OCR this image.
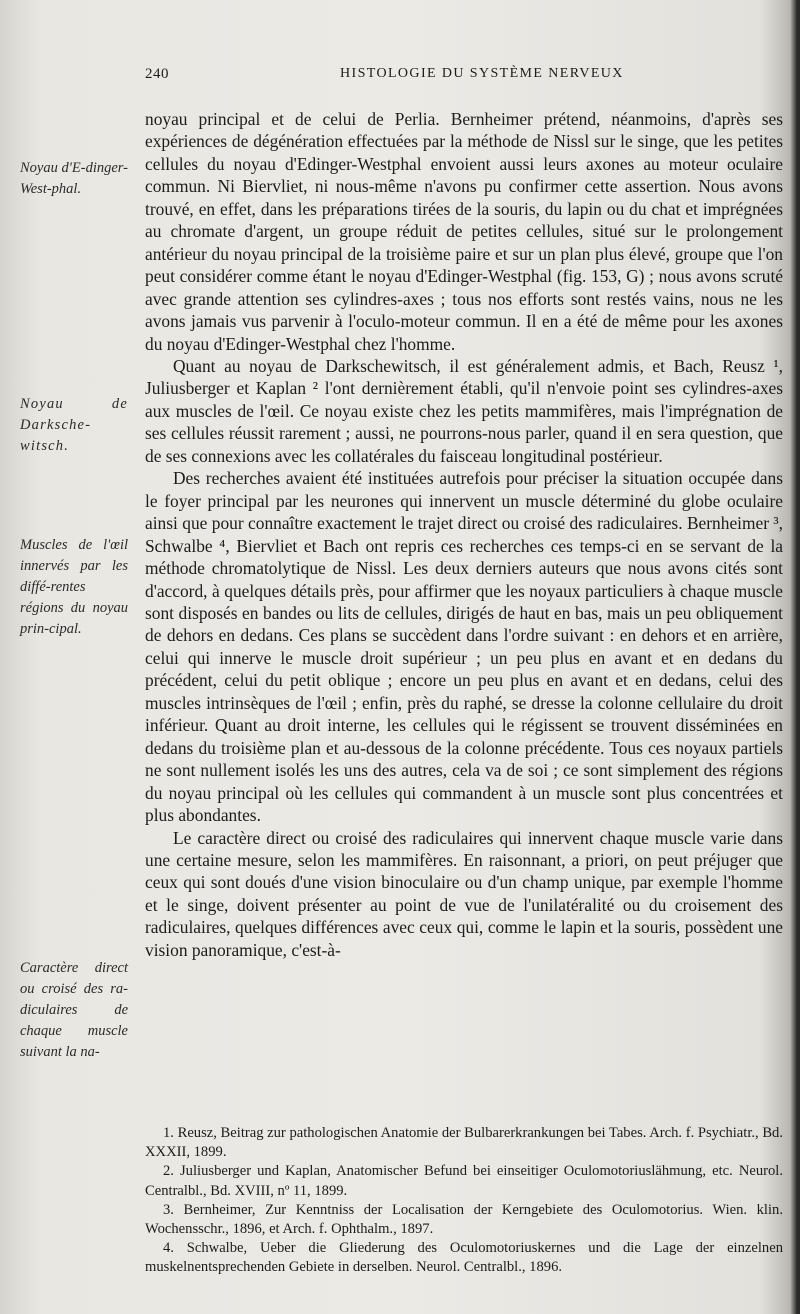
240	HISTOLOGIE DU SYSTÈME NERVEUX
Noyau d'E-dinger-West-phal.
Noyau de Darksche-witsch.
Muscles de l'œil innervés par les diffé-rentes régions du noyau prin-cipal.
Caractère direct ou croisé des ra-diculaires de chaque muscle suivant la na-

noyau principal et de celui de Perlia. Bernheimer prétend, néanmoins, d'après ses expériences de dégénération effectuées par la méthode de Nissl sur le singe, que les petites cellules du noyau d'Edinger-Westphal envoient aussi leurs axones au moteur oculaire commun. Ni Biervliet, ni nous-même n'avons pu confirmer cette assertion. Nous avons trouvé, en effet, dans les préparations tirées de la souris, du lapin ou du chat et imprégnées au chromate d'argent, un groupe réduit de petites cellules, situé sur le prolongement antérieur du noyau principal de la troisième paire et sur un plan plus élevé, groupe que l'on peut considérer comme étant le noyau d'Edinger-Westphal (fig. 153, G) ; nous avons scruté avec grande attention ses cylindres-axes ; tous nos efforts sont restés vains, nous ne les avons jamais vus parvenir à l'oculo-moteur commun. Il en a été de même pour les axones du noyau d'Edinger-Westphal chez l'homme.

Quant au noyau de Darkschewitsch, il est généralement admis, et Bach, Reusz ¹, Juliusberger et Kaplan ² l'ont dernièrement établi, qu'il n'envoie point ses cylindres-axes aux muscles de l'œil. Ce noyau existe chez les petits mammifères, mais l'imprégnation de ses cellules réussit rarement ; aussi, ne pourrons-nous parler, quand il en sera question, que de ses connexions avec les collatérales du faisceau longitudinal postérieur.

Des recherches avaient été instituées autrefois pour préciser la situation occupée dans le foyer principal par les neurones qui innervent un muscle déterminé du globe oculaire ainsi que pour connaître exactement le trajet direct ou croisé des radiculaires. Bernheimer ³, Schwalbe ⁴, Biervliet et Bach ont repris ces recherches ces temps-ci en se servant de la méthode chromatolytique de Nissl. Les deux derniers auteurs que nous avons cités sont d'accord, à quelques détails près, pour affirmer que les noyaux particuliers à chaque muscle sont disposés en bandes ou lits de cellules, dirigés de haut en bas, mais un peu obliquement de dehors en dedans. Ces plans se succèdent dans l'ordre suivant : en dehors et en arrière, celui qui innerve le muscle droit supérieur ; un peu plus en avant et en dedans du précédent, celui du petit oblique ; encore un peu plus en avant et en dedans, celui des muscles intrinsèques de l'œil ; enfin, près du raphé, se dresse la colonne cellulaire du droit inférieur. Quant au droit interne, les cellules qui le régissent se trouvent disséminées en dedans du troisième plan et au-dessous de la colonne précédente. Tous ces noyaux partiels ne sont nullement isolés les uns des autres, cela va de soi ; ce sont simplement des régions du noyau principal où les cellules qui commandent à un muscle sont plus concentrées et plus abondantes.

Le caractère direct ou croisé des radiculaires qui innervent chaque muscle varie dans une certaine mesure, selon les mammifères. En raisonnant, a priori, on peut préjuger que ceux qui sont doués d'une vision binoculaire ou d'un champ unique, par exemple l'homme et le singe, doivent présenter au point de vue de l'unilatéralité ou du croisement des radiculaires, quelques différences avec ceux qui, comme le lapin et la souris, possèdent une vision panoramique, c'est-à-

1. Reusz, Beitrag zur pathologischen Anatomie der Bulbarerkrankungen bei Tabes. Arch. f. Psychiatr., Bd. XXXII, 1899.

2. Juliusberger und Kaplan, Anatomischer Befund bei einseitiger Oculomotoriuslähmung, etc. Neurol. Centralbl., Bd. XVIII, nº 11, 1899.

3. Bernheimer, Zur Kenntniss der Localisation der Kerngebiete des Oculomotorius. Wien. klin. Wochensschr., 1896, et Arch. f. Ophthalm., 1897.

4. Schwalbe, Ueber die Gliederung des Oculomotoriuskernes und die Lage der einzelnen muskelnentsprechenden Gebiete in derselben. Neurol. Centralbl., 1896.
